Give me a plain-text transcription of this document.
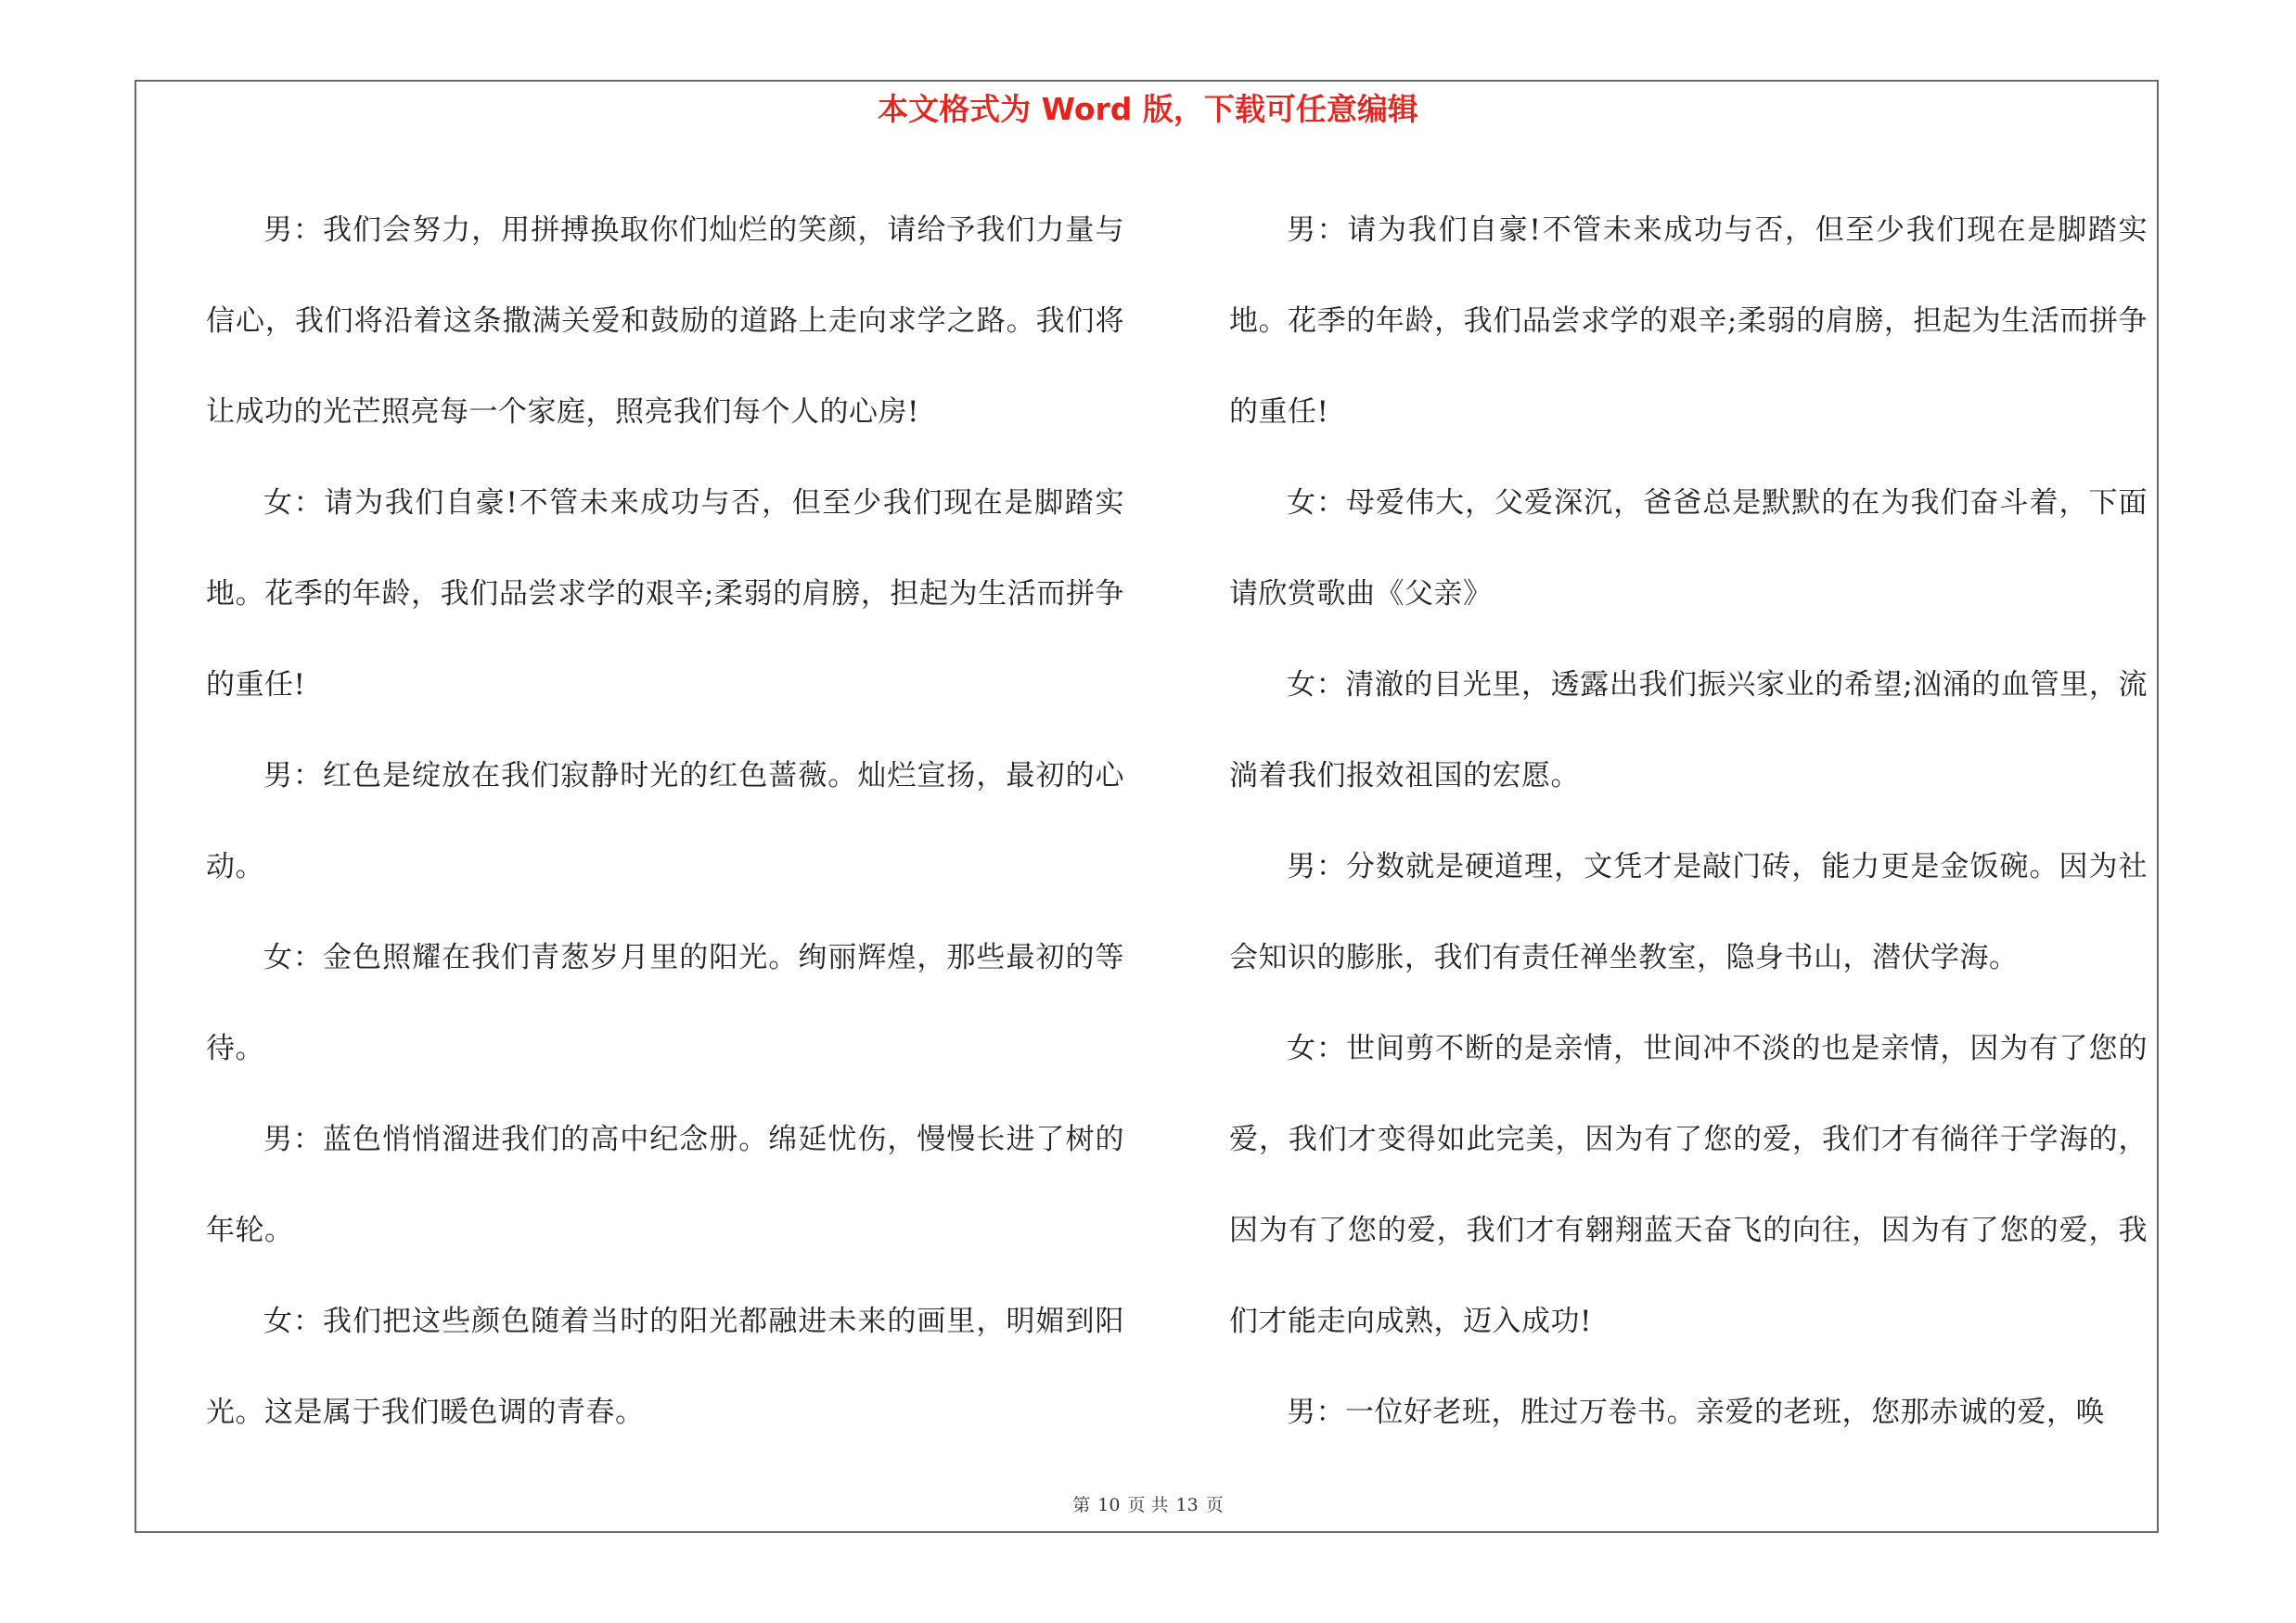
本文格式为 Word 版，下载可任意编辑

男：我们会努力，用拼搏换取你们灿烂的笑颜，请给予我们力量与信心，我们将沿着这条撒满关爱和鼓励的道路上走向求学之路。我们将让成功的光芒照亮每一个家庭，照亮我们每个人的心房!

女：请为我们自豪!不管未来成功与否，但至少我们现在是脚踏实地。花季的年龄，我们品尝求学的艰辛;柔弱的肩膀，担起为生活而拼争的重任!

男：红色是绽放在我们寂静时光的红色蔷薇。灿烂宣扬，最初的心动。

女：金色照耀在我们青葱岁月里的阳光。绚丽辉煌，那些最初的等待。

男：蓝色悄悄溜进我们的高中纪念册。绵延忧伤，慢慢长进了树的年轮。

女：我们把这些颜色随着当时的阳光都融进未来的画里，明媚到阳光。这是属于我们暖色调的青春。

男：请为我们自豪!不管未来成功与否，但至少我们现在是脚踏实地。花季的年龄，我们品尝求学的艰辛;柔弱的肩膀，担起为生活而拼争的重任!

女：母爱伟大，父爱深沉，爸爸总是默默的在为我们奋斗着，下面请欣赏歌曲《父亲》

女：清澈的目光里，透露出我们振兴家业的希望;汹涌的血管里，流淌着我们报效祖国的宏愿。

男：分数就是硬道理，文凭才是敲门砖，能力更是金饭碗。因为社会知识的膨胀，我们有责任禅坐教室，隐身书山，潜伏学海。

女：世间剪不断的是亲情，世间冲不淡的也是亲情，因为有了您的爱，我们才变得如此完美，因为有了您的爱，我们才有徜徉于学海的，因为有了您的爱，我们才有翱翔蓝天奋飞的向往，因为有了您的爱，我们才能走向成熟，迈入成功!

男：一位好老班，胜过万卷书。亲爱的老班，您那赤诚的爱，唤

第 10 页 共 13 页
